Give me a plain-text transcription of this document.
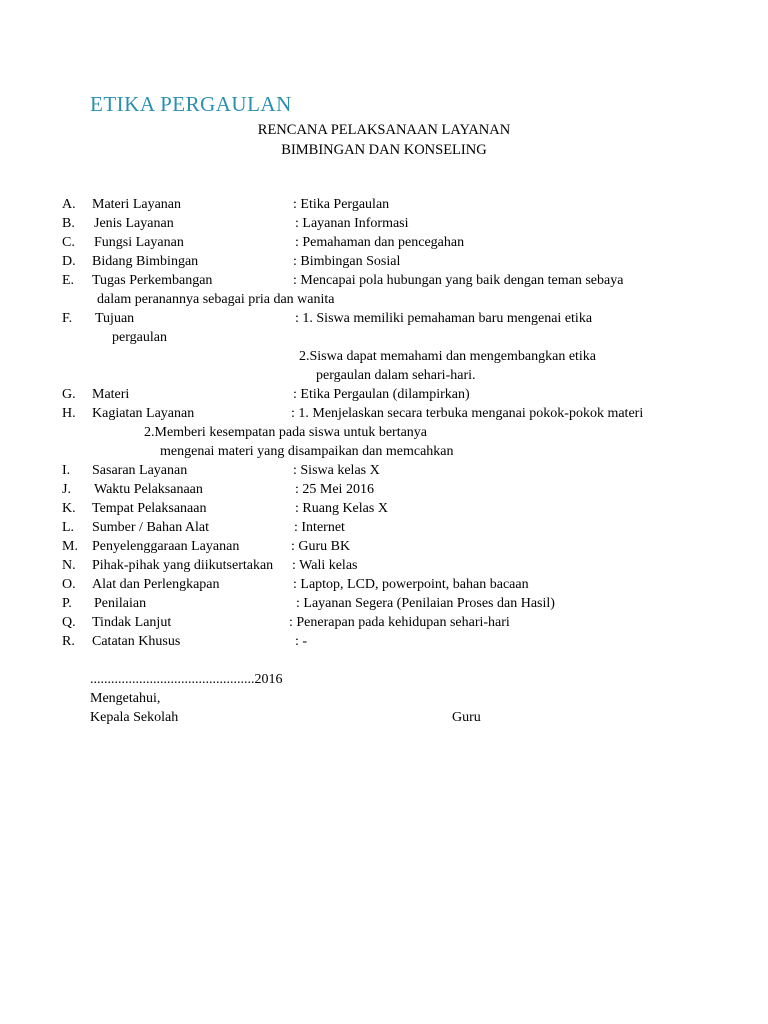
ETIKA PERGAULAN
RENCANA PELAKSANAAN LAYANAN
BIMBINGAN DAN KONSELING
A. Materi Layanan	: Etika Pergaulan
B. Jenis Layanan	: Layanan Informasi
C. Fungsi Layanan	: Pemahaman dan pencegahan
D. Bidang Bimbingan	: Bimbingan Sosial
E. Tugas Perkembangan	: Mencapai pola hubungan yang baik dengan teman sebaya
dalam peranannya sebagai pria dan wanita
F. Tujuan	: 1. Siswa memiliki pemahaman baru mengenai etika
pergaulan
2.Siswa dapat memahami dan mengembangkan etika
pergaulan dalam sehari-hari.
G. Materi	: Etika Pergaulan (dilampirkan)
H. Kagiatan Layanan	: 1. Menjelaskan secara terbuka menganai pokok-pokok materi
2.Memberi kesempatan pada siswa untuk bertanya
mengenai materi yang disampaikan dan memcahkan
I. Sasaran Layanan	: Siswa kelas X
J. Waktu Pelaksanaan	: 25 Mei 2016
K. Tempat Pelaksanaan	: Ruang Kelas X
L. Sumber / Bahan Alat	: Internet
M. Penyelenggaraan Layanan	: Guru BK
N. Pihak-pihak yang diikutsertakan : Wali kelas
O. Alat dan Perlengkapan	: Laptop, LCD, powerpoint, bahan bacaan
P. Penilaian	: Layanan Segera (Penilaian Proses dan Hasil)
Q. Tindak Lanjut	: Penerapan pada kehidupan sehari-hari
R. Catatan Khusus	: -
...............................................2016
Mengetahui,
Kepala Sekolah	Guru
